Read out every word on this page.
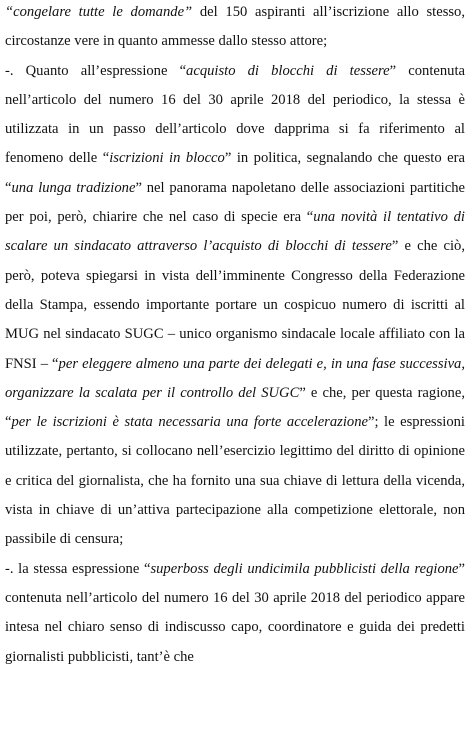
“congelare tutte le domande” del 150 aspiranti all’iscrizione allo stesso, circostanze vere in quanto ammesse dallo stesso attore;

-. Quanto all’espressione “acquisto di blocchi di tessere” contenuta nell’articolo del numero 16 del 30 aprile 2018 del periodico, la stessa è utilizzata in un passo dell’articolo dove dapprima si fa riferimento al fenomeno delle “iscrizioni in blocco” in politica, segnalando che questo era “una lunga tradizione” nel panorama napoletano delle associazioni partitiche per poi, però, chiarire che nel caso di specie era “una novità il tentativo di scalare un sindacato attraverso l’acquisto di blocchi di tessere” e che ciò, però, poteva spiegarsi in vista dell’imminente Congresso della Federazione della Stampa, essendo importante portare un cospicuo numero di iscritti al MUG nel sindacato SUGC – unico organismo sindacale locale affiliato con la FNSI – “per eleggere almeno una parte dei delegati e, in una fase successiva, organizzare la scalata per il controllo del SUGC” e che, per questa ragione, “per le iscrizioni è stata necessaria una forte accelerazione”; le espressioni utilizzate, pertanto, si collocano nell’esercizio legittimo del diritto di opinione e critica del giornalista, che ha fornito una sua chiave di lettura della vicenda, vista in chiave di un’attiva partecipazione alla competizione elettorale, non passibile di censura;

-. la stessa espressione “superboss degli undicimila pubblicisti della regione” contenuta nell’articolo del numero 16 del 30 aprile 2018 del periodico appare intesa nel chiaro senso di indiscusso capo, coordinatore e guida dei predetti giornalisti pubblicisti, tant’è che
